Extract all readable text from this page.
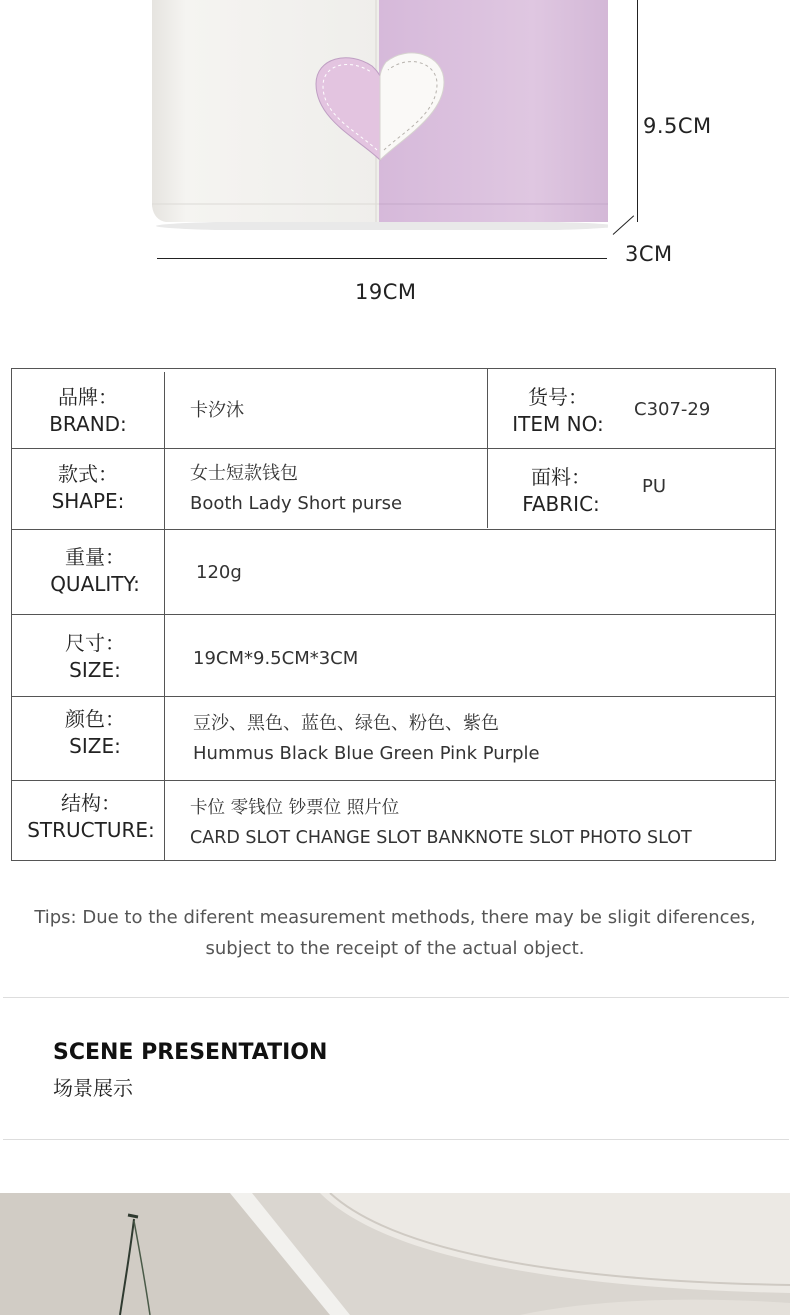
9.5CM
3CM
19CM
品牌：
BRAND:
卡汐沐
货号：
ITEM NO:
C307-29
款式：
SHAPE:
女士短款钱包
Booth Lady Short purse
面料：
FABRIC:
PU
重量：
QUALITY:	120g
尺寸：
SIZE:	19CM*9.5CM*3CM
颜色：
SIZE:
豆沙、黑色、蓝色、绿色、粉色、紫色
Hummus Black Blue Green Pink Purple
结构：
STRUCTURE:
卡位 零钱位 钞票位 照片位
CARD SLOT CHANGE SLOT BANKNOTE SLOT PHOTO SLOT
Tips: Due to the diferent measurement methods, there may be sligit diferences,
subject to the receipt of the actual object.
SCENE PRESENTATION
场景展示
